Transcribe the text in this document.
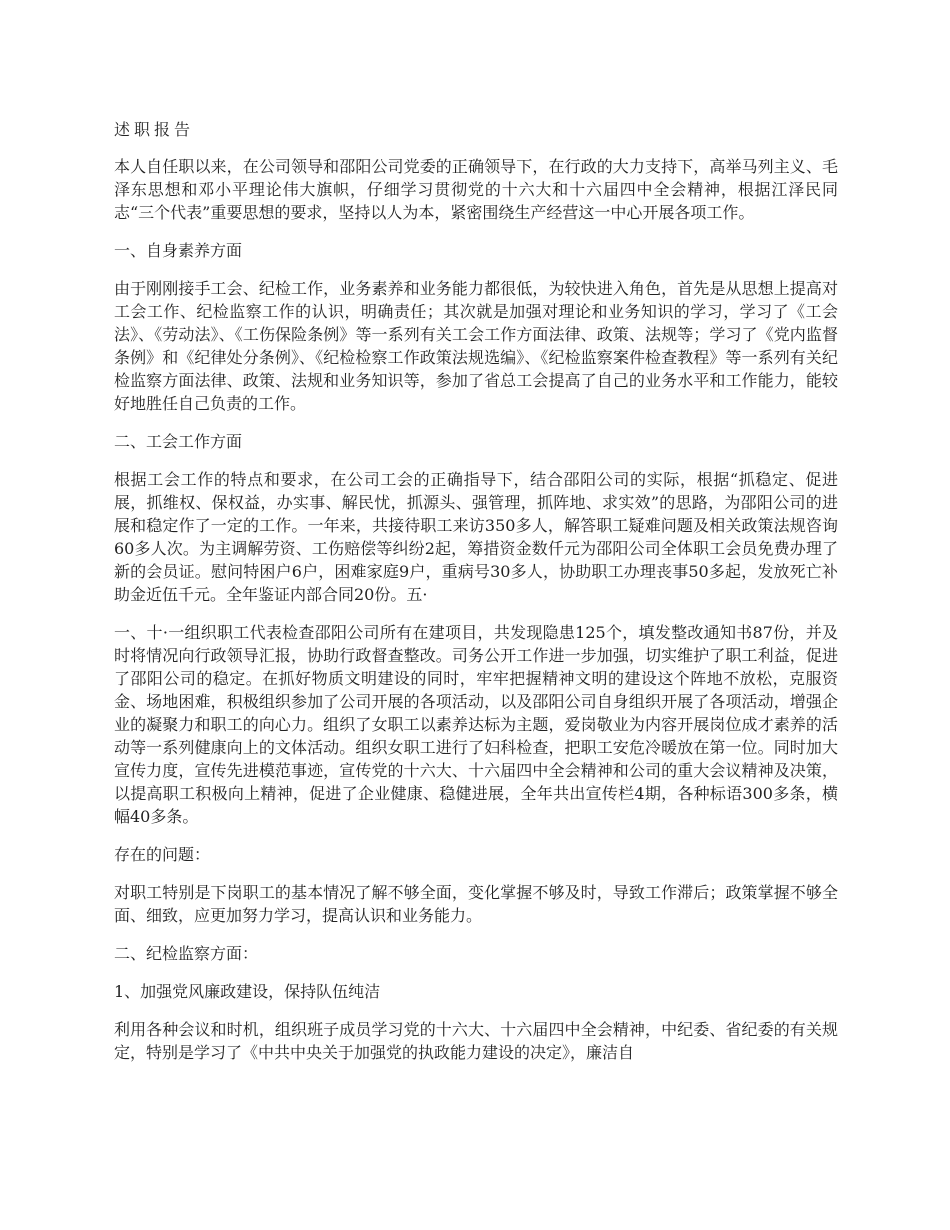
述职报告

本人自任职以来，在公司领导和邵阳公司党委的正确领导下，在行政的大力支持下，高举马列主义、毛泽东思想和邓小平理论伟大旗帜，仔细学习贯彻党的十六大和十六届四中全会精神，根据江泽民同志“三个代表”重要思想的要求，坚持以人为本，紧密围绕生产经营这一中心开展各项工作。

一、自身素养方面

由于刚刚接手工会、纪检工作，业务素养和业务能力都很低，为较快进入角色，首先是从思想上提高对工会工作、纪检监察工作的认识，明确责任；其次就是加强对理论和业务知识的学习，学习了《工会法》、《劳动法》、《工伤保险条例》等一系列有关工会工作方面法律、政策、法规等；学习了《党内监督条例》和《纪律处分条例》、《纪检检察工作政策法规选编》、《纪检监察案件检查教程》等一系列有关纪检监察方面法律、政策、法规和业务知识等，参加了省总工会提高了自己的业务水平和工作能力，能较好地胜任自己负责的工作。

二、工会工作方面

根据工会工作的特点和要求，在公司工会的正确指导下，结合邵阳公司的实际，根据“抓稳定、促进展，抓维权、保权益，办实事、解民忧，抓源头、强管理，抓阵地、求实效”的思路，为邵阳公司的进展和稳定作了一定的工作。一年来，共接待职工来访350多人，解答职工疑难问题及相关政策法规咨询60多人次。为主调解劳资、工伤赔偿等纠纷2起，筹措资金数仟元为邵阳公司全体职工会员免费办理了新的会员证。慰问特困户6户，困难家庭9户，重病号30多人，协助职工办理丧事50多起，发放死亡补助金近伍千元。全年鉴证内部合同20份。五·

一、十·一组织职工代表检查邵阳公司所有在建项目，共发现隐患125个，填发整改通知书87份，并及时将情况向行政领导汇报，协助行政督查整改。司务公开工作进一步加强，切实维护了职工利益，促进了邵阳公司的稳定。在抓好物质文明建设的同时，牢牢把握精神文明的建设这个阵地不放松，克服资金、场地困难，积极组织参加了公司开展的各项活动，以及邵阳公司自身组织开展了各项活动，增强企业的凝聚力和职工的向心力。组织了女职工以素养达标为主题，爱岗敬业为内容开展岗位成才素养的活动等一系列健康向上的文体活动。组织女职工进行了妇科检查，把职工安危冷暖放在第一位。同时加大宣传力度，宣传先进模范事迹，宣传党的十六大、十六届四中全会精神和公司的重大会议精神及决策，以提高职工积极向上精神，促进了企业健康、稳健进展，全年共出宣传栏4期，各种标语300多条，横幅40多条。

存在的问题：

对职工特别是下岗职工的基本情况了解不够全面，变化掌握不够及时，导致工作滞后；政策掌握不够全面、细致，应更加努力学习，提高认识和业务能力。

二、纪检监察方面：

1、加强党风廉政建设，保持队伍纯洁

利用各种会议和时机，组织班子成员学习党的十六大、十六届四中全会精神，中纪委、省纪委的有关规定，特别是学习了《中共中央关于加强党的执政能力建设的决定》，廉洁自
